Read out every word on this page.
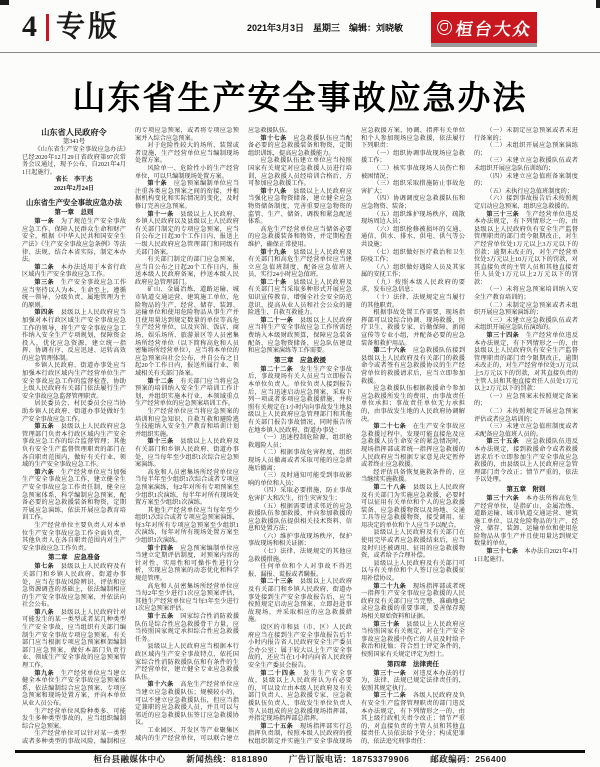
4 专版	2021年3月3日　星期三　编辑：刘晓敏	桓台大众
山东省生产安全事故应急办法

山东省人民政府令

第341号

《山东省生产安全事故应急办法》已经2020年12月29日省政府第97次常务会议通过，现予公布，自2021年4月1日起施行。

省长　李干杰

2021年2月24日

山东省生产安全事故应急办法

第一章　总则

第一条　为了规范生产安全事故应急工作，保障人民群众生命和财产安全，根据《中华人民共和国安全生产法》《生产安全事故应急条例》等法律、法规，结合本省实际，制定本办法。

第二条　本办法适用于本省行政区域内生产安全事故应急工作。

第三条　生产安全事故应急工作应当坚持以人为本、生命至上，遵循统一领导、分级负责、属地管理为主的原则。

第四条　县级以上人民政府应当加强对本行政区域生产安全事故应急工作的领导，将生产安全事故应急工作纳入安全生产专项规划，保障资金投入，优化应急资源，建立统一指挥、协调有序、反应迅速、运转高效的应急管理体制。

乡镇人民政府、街道办事处应当加强本行政区域内生产经营单位生产安全事故应急工作的监督检查，协助上级人民政府有关部门依法履行生产安全事故应急监督管理职责。

居民委员会、村民委员会应当协助乡镇人民政府、街道办事处做好生产安全事故应急工作。

第五条　县级以上人民政府应急管理部门负责本行政区域内生产安全事故应急工作的综合监督管理；其他负有安全生产监督管理职责的部门在各自职责范围内，做好有关行业、领域的生产安全事故应急工作。

第六条　生产经营单位应当加强生产安全事故应急工作，建立健全生产安全事故应急工作责任制，健全应急预案体系，科学编制应急预案，配备必要的应急救援装备和物资，定期开展应急演练，依法开展应急教育培训工作。

生产经营单位主要负责人对本单位生产安全事故应急工作全面负责，其他负责人在各自职责范围内对生产安全事故应急工作负责。

第二章　应急准备

第七条　县级以上人民政府及有关部门和乡镇人民政府、街道办事处，应当在事故风险辨识、评估和应急资源调查的基础上，依法编制相应的生产安全事故应急预案，并依法向社会公布。

第八条　县级以上人民政府针对可能发生的某一类型或者某几种类型生产安全事故，应当组织有关部门编制生产安全事故专项应急预案。有关部门应当根据专项应急预案框架编制部门应急预案，做好本部门负责行业、领域生产安全事故的应急预案管理工作。

第九条　生产经营单位应当建立健全本单位生产安全事故应急预案体系，依法编制综合应急预案、专项应急预案和现场处置方案，并向本单位从业人员公布。

生产经营单位风险种类多、可能发生多种类型事故的，应当组织编制综合应急预案。

生产经营单位可以针对某一类型或者多种类型的事故风险，编制相应的专项应急预案，或者将专项应急预案并入综合应急预案。

对于危险性较大的场所、装置或者设施，生产经营单位应当编制现场处置方案。

风险单一、危险性小的生产经营单位，可以只编制现场处置方案。

第十条　应急预案编制单位应当注重各类应急预案之间的衔接，并根据机构变化和实际情况的变化，及时修订完善应急预案。

第十一条　县级以上人民政府、乡镇人民政府以及县级以上人民政府有关部门制定的专项应急预案，应当自公布之日起30个工作日内，报送上一级人民政府应急管理部门和同级有关部门备案。

有关部门制定的部门应急预案，应当自公布之日起20个工作日内，报送本级人民政府备案，抄送本级人民政府应急管理部门。

矿山、金属冶炼、道路运输、城市轨道交通运营、建筑施工单位，危险物品的生产、经营、储存、装卸、运输单位和使用危险物品从事生产并且使用量达到规定数量的单位等高危生产经营单位，以及宾馆、饭店、商场、娱乐场所、旅游景区等人员密集场所经营单位（以下简称高危和人员密集场所经营单位），应当将本单位的应急预案向社会公布，并自公布之日起20个工作日内，报送所属行业、领域相关有关部门备案。

第十二条　有关部门应当将应急预案的培训纳入安全生产培训工作计划，并组织实施本行业、本领域重点生产经营单位的应急预案培训工作。

生产经营单位应当将应急预案的培训和应急知识、自救互救和避险逃生技能纳入安全生产教育和培训计划并组织实施。

第十三条　县级以上人民政府及有关部门和乡镇人民政府、街道办事处，应当每年至少组织1次综合应急预案演练。

高危和人员密集场所经营单位应当每半年至少组织1次综合或者专项应急预案演练，每2年对所有专项预案至少组织1次演练，每半年对所有现场处置方案至少组织1次演练。

其他生产经营单位应当每年至少组织1次综合或者专项应急预案演练，每3年对所有专项应急预案至少组织1次演练，每年对所有现场处置方案至少组织1次演练。

第十四条　应急预案编制单位应当建立定期评估制度，对预案内容的针对性、实用性和可操作性进行分析，实现应急预案的动态优化和科学规范管理。

高危和人员密集场所经营单位应当每2年至少进行1次应急预案评估，其他生产经营单位应当每3年至少进行1次应急预案评估。

第十五条　国家综合性消防救援队伍是综合性应急救援骨干力量，应当按照国家规定承担综合性应急救援任务。

县级以上人民政府应当根据本行政区域内生产安全事故特点，依托国家综合性消防救援队伍和有条件的生产经营单位，建立健全专业应急救援队伍。

第十六条　高危生产经营单位应当建立应急救援队伍；规模较小的，可以不建立应急救援队伍，但应当指定兼职的应急救援人员，并且可以与邻近的应急救援队伍签订应急救援协议。

工业园区、开发区等产业聚集区域内的生产经营单位，可以联合建立应急救援队伍。

第十七条　应急救援队伍应当配备必要的应急救援装备和物资，定期组织训练，提高应急救援能力。

应急救援队伍建立单位应当按照国家有关规定对应急救援人员进行培训，应急救援人员经培训合格后，方可参加应急救援工作。

第十八条　县级以上人民政府应当强化应急物资储备，建立健全应急物资储备制度，完善重要应急物资的监管、生产、储备、调拨和紧急配送体系。

高危生产经营单位应当储备必要的应急救援装备和物资，并定期检查维护，确保正常使用。

第十九条　县级以上人民政府及有关部门和高危生产经营单位应当建立应急值班制度，配备应急值班人员，实行24小时应急值班。

第二十条　县级以上人民政府及有关部门应当采取多种形式开展应急知识宣传教育，增强全社会安全防范意识，提高从业人员和社会公众的避险逃生、自救互救能力。

第二十一条　县级以上人民政府应当将生产安全事故应急工作所需经费纳入本级财政预算，保障应急装备配备、应急物资储备、应急队伍建设和应急预案演练等工作需要。

第三章　应急救援

第二十二条　发生生产安全事故后，事故现场有关人员应当立即报告本单位负责人。单位负责人接到报告后，应当迅速启动应急预案，采取下列一项或者多项应急救援措施，并按照有关规定在1小时内向事故发生地县级以上人民政府应急管理部门和其他有关部门报告事故情况，同时报告所在地乡镇人民政府、街道办事处：

（一）迅速控制危险源，组织抢救遇险人员；

（二）根据事故危害程度，组织现场人员撤离或者采取可能的应急措施后撤离；

（三）及时通知可能受到事故影响的单位和人员；

（四）采取必要措施，防止事故危害扩大和次生、衍生灾害发生；

（五）根据需要请求邻近的应急救援队伍参加救援，并向参加救援的应急救援队伍提供相关技术资料、信息和处置方法；

（六）维护事故现场秩序，保护事故现场和相关证据；

（七）法律、法规规定的其他应急救援措施。

任何单位和个人对事故不得迟报、漏报、谎报或者瞒报。

第二十三条　县级以上人民政府及有关部门和乡镇人民政府、街道办事处接到生产安全事故报告后，应当按照规定启动应急预案，立即赶赴事故现场，并采取相应的应急救援措施。

设区的市和县（市、区）人民政府应当在接到生产安全事故报告后半小时内报告省人民政府安全生产委员会办公室；属于较大以上生产安全事故的，还应当在1小时内向省人民政府安全生产委员会报告。

第二十四条　发生生产安全事故，县级以上人民政府认为有必要的，可以设立由本级人民政府及有关部门负责人、应急救援专家、应急救援队伍负责人、事故发生单位负责人等人员组成的应急救援现场指挥部，并指定现场指挥部总指挥。

第二十五条　现场指挥部实行总指挥负责制，按照本级人民政府的授权组织制定并实施生产安全事故现场应急救援方案，协调、指挥有关单位和个人参加现场应急救援，依法履行下列职责：

（一）组织协调事故现场应急救援工作；

（二）核实事故现场人员伤亡和被困情况；

（三）组织采取措施防止事故危害扩大；

（四）协调调度应急救援队伍和应急物资、装备；

（五）组织维护现场秩序，疏散现场周边人员；

（六）组织抢修被损坏的交通、通信、供水、排水、供电、供气等公共设施；

（七）组织做好医疗救治和卫生防疫工作；

（八）组织做好遇险人员及其家属的安抚工作；

（九）按照本级人民政府的要求，发布应急信息；

（十）法律、法规规定应当履行的其他职责。

根据事故处置工作需要，现场指挥部可以设综合协调、现场救援、医疗卫生、救援专家、后勤保障、新闻宣传等专业小组，并配备必要的应急装备和救护用品。

第二十六条　应急救援队伍接到县级以上人民政府及有关部门的救援命令或者签有应急救援协议的生产经营单位的救援请求后，应当立即参加救援。

应急救援队伍根据救援命令参加应急救援所发生的费用，由事故责任单位承担；事故责任单位无力承担的，由事故发生地的人民政府协调解决。

第二十七条　在生产安全事故应急救援过程中，发现可能直接危及应急救援人员生命安全的紧急情况时，现场指挥部或者统一指挥应急救援的人民政府应当根据专家意见决定暂停或者终止应急救援。

经评估具备恢复施救条件的，应当继续实施救援。

第二十八条　县级以上人民政府及有关部门为实施应急救援，必要时可以征用有关单位和个人的应急救援装备、应急救援物资以及场地、交通工具等应急救援物资，接受调用、征用决定的单位和个人应当予以配合。

县级以上人民政府及有关部门在使用完毕或者应急救援结束后，应当及时归还被调用、征用的应急救援物资，或者给予合理补偿。

县级以上人民政府及有关部门可以与有关单位和个人签订应急救援征用补偿协议。

第二十九条　现场指挥部或者统一指挥生产安全事故应急救援的人民政府及有关部门应当完整、准确地记录应急救援的重要事项，妥善保存现场相关原始资料和证据。

第三十条　县级以上人民政府应当按照国家有关规定，对在生产安全事故应急救援中伤亡的人员及时给予救治和抚恤；符合烈士评定条件的，按照国家有关规定评定为烈士。

第四章　法律责任

第三十一条　对违反本办法的行为，法律、法规已规定法律责任的，依照其规定执行。

第三十二条　各级人民政府及负有安全生产监督管理职责的部门违反本办法规定，有下列情形之一的，由其上级行政机关责令改正；情节严重的，对直接负责的主管人员和其他直接责任人员依法给予处分；构成犯罪的，依法追究刑事责任：

（一）未制定应急预案或者未进行备案的；

（二）未组织开展应急预案演练的；

（三）未建立应急救援队伍或者未组织开展应急队伍训练的；

（四）未建立应急值班备案制度的；

（五）未执行应急值班制度的；

（六）接到事故报告后未按照规定启动应急预案、组织应急救援的。

第三十三条　生产经营单位违反本办法规定，有下列情形之一的，由县级以上人民政府负有安全生产监督管理职责的部门责令限期改正，对生产经营单位处1万元以上3万元以下的罚款；逾期未改正的，对生产经营单位处3万元以上10万元以下的罚款，对其直接负责的主管人员和其他直接责任人员处1万元以上2万元以下的罚款：

（一）未将应急预案培训纳入安全生产教育培训的；

（二）未制定应急预案或者未组织开展应急预案演练的；

（三）未建立应急救援队伍或者未组织开展应急队伍演练的。

第三十四条　生产经营单位违反本办法规定，有下列情形之一的，由县级以上人民政府负有安全生产监督管理职责的部门责令限期改正，逾期未改正的，对生产经营单位处3万元以上5万元以下的罚款，对其直接负责的主管人员和其他直接责任人员处1万元以上2万元以下的罚款：

（一）应急预案未按照规定备案的；

（二）未按照规定开展应急预案评估或者应急培训的；

（三）未建立应急值班制度或者未配备应急值班人员的。

第三十五条　应急救援队伍违反本办法规定，接到救援命令或者救援请求后不立即参加生产安全事故应急救援的，由县级以上人民政府应急管理部门责令改正；情节严重的，依法予以处理。

第五章　附则

第三十六条　本办法所称高危生产经营单位，是指矿山、金属冶炼、道路运输、城市轨道交通运营、建筑施工单位，以及危险物品的生产、经营、储存、装卸、运输单位和使用危险物品从事生产并且使用量达到规定数量的单位。

第三十七条　本办法自2021年4月1日起施行。

桓台县融媒体中心 新闻热线：8181890 广告订版电话：18753379906 邮政编码：256400
